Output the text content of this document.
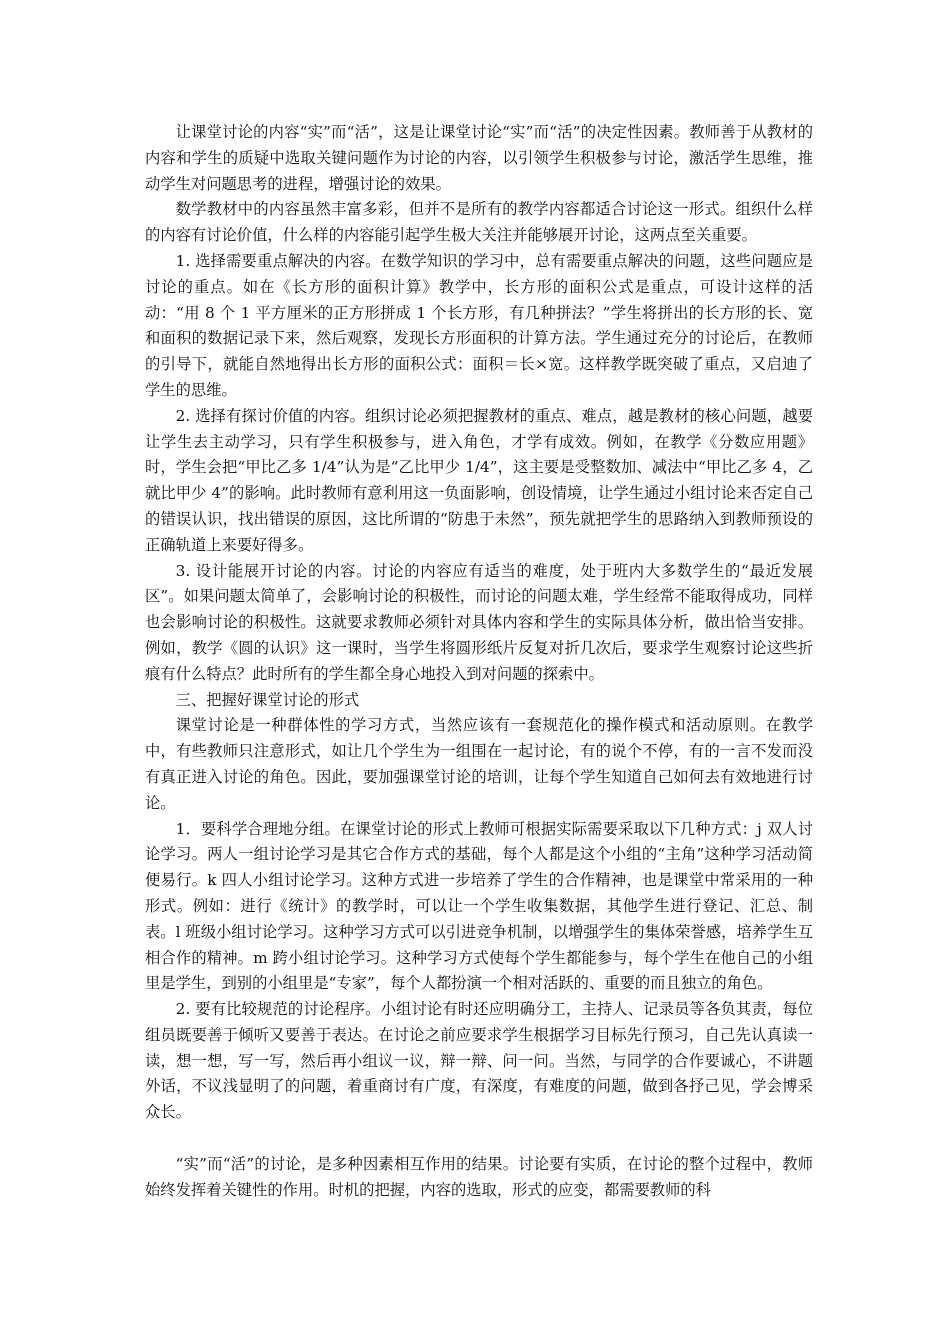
让课堂讨论的内容“实”而“活”，这是让课堂讨论“实”而“活”的决定性因素。教师善于从教材的内容和学生的质疑中选取关键问题作为讨论的内容，以引领学生积极参与讨论，激活学生思维，推动学生对问题思考的进程，增强讨论的效果。

数学教材中的内容虽然丰富多彩，但并不是所有的教学内容都适合讨论这一形式。组织什么样的内容有讨论价值，什么样的内容能引起学生极大关注并能够展开讨论，这两点至关重要。

1. 选择需要重点解决的内容。在数学知识的学习中，总有需要重点解决的问题，这些问题应是讨论的重点。如在《长方形的面积计算》教学中，长方形的面积公式是重点，可设计这样的活动：“用 8 个 1 平方厘米的正方形拼成 1 个长方形，有几种拼法？”学生将拼出的长方形的长、宽和面积的数据记录下来，然后观察，发现长方形面积的计算方法。学生通过充分的讨论后，在教师的引导下，就能自然地得出长方形的面积公式：面积＝长×宽。这样教学既突破了重点，又启迪了学生的思维。

2. 选择有探讨价值的内容。组织讨论必须把握教材的重点、难点，越是教材的核心问题，越要让学生去主动学习，只有学生积极参与，进入角色，才学有成效。例如，在教学《分数应用题》时，学生会把“甲比乙多 1/4”认为是“乙比甲少 1/4”，这主要是受整数加、减法中“甲比乙多 4，乙就比甲少 4”的影响。此时教师有意利用这一负面影响，创设情境，让学生通过小组讨论来否定自己的错误认识，找出错误的原因，这比所谓的“防患于未然”，预先就把学生的思路纳入到教师预设的正确轨道上来要好得多。

3. 设计能展开讨论的内容。讨论的内容应有适当的难度，处于班内大多数学生的“最近发展区”。如果问题太简单了，会影响讨论的积极性，而讨论的问题太难，学生经常不能取得成功，同样也会影响讨论的积极性。这就要求教师必须针对具体内容和学生的实际具体分析，做出恰当安排。例如，教学《圆的认识》这一课时，当学生将圆形纸片反复对折几次后，要求学生观察讨论这些折痕有什么特点？此时所有的学生都全身心地投入到对问题的探索中。

三、把握好课堂讨论的形式

课堂讨论是一种群体性的学习方式，当然应该有一套规范化的操作模式和活动原则。在教学中，有些教师只注意形式，如让几个学生为一组围在一起讨论，有的说个不停，有的一言不发而没有真正进入讨论的角色。因此，要加强课堂讨论的培训，让每个学生知道自己如何去有效地进行讨论。

1．要科学合理地分组。在课堂讨论的形式上教师可根据实际需要采取以下几种方式：j 双人讨论学习。两人一组讨论学习是其它合作方式的基础，每个人都是这个小组的“主角”这种学习活动简便易行。k 四人小组讨论学习。这种方式进一步培养了学生的合作精神，也是课堂中常采用的一种形式。例如：进行《统计》的教学时，可以让一个学生收集数据，其他学生进行登记、汇总、制表。l 班级小组讨论学习。这种学习方式可以引进竞争机制，以增强学生的集体荣誉感，培养学生互相合作的精神。m 跨小组讨论学习。这种学习方式使每个学生都能参与，每个学生在他自己的小组里是学生，到别的小组里是“专家”，每个人都扮演一个相对活跃的、重要的而且独立的角色。

2. 要有比较规范的讨论程序。小组讨论有时还应明确分工，主持人、记录员等各负其责，每位组员既要善于倾听又要善于表达。在讨论之前应要求学生根据学习目标先行预习，自己先认真读一读，想一想，写一写，然后再小组议一议，辩一辩、问一问。当然，与同学的合作要诚心，不讲题外话，不议浅显明了的问题，着重商讨有广度，有深度，有难度的问题，做到各抒己见，学会博采众长。

“实”而“活”的讨论，是多种因素相互作用的结果。讨论要有实质，在讨论的整个过程中，教师始终发挥着关键性的作用。时机的把握，内容的选取，形式的应变，都需要教师的科
